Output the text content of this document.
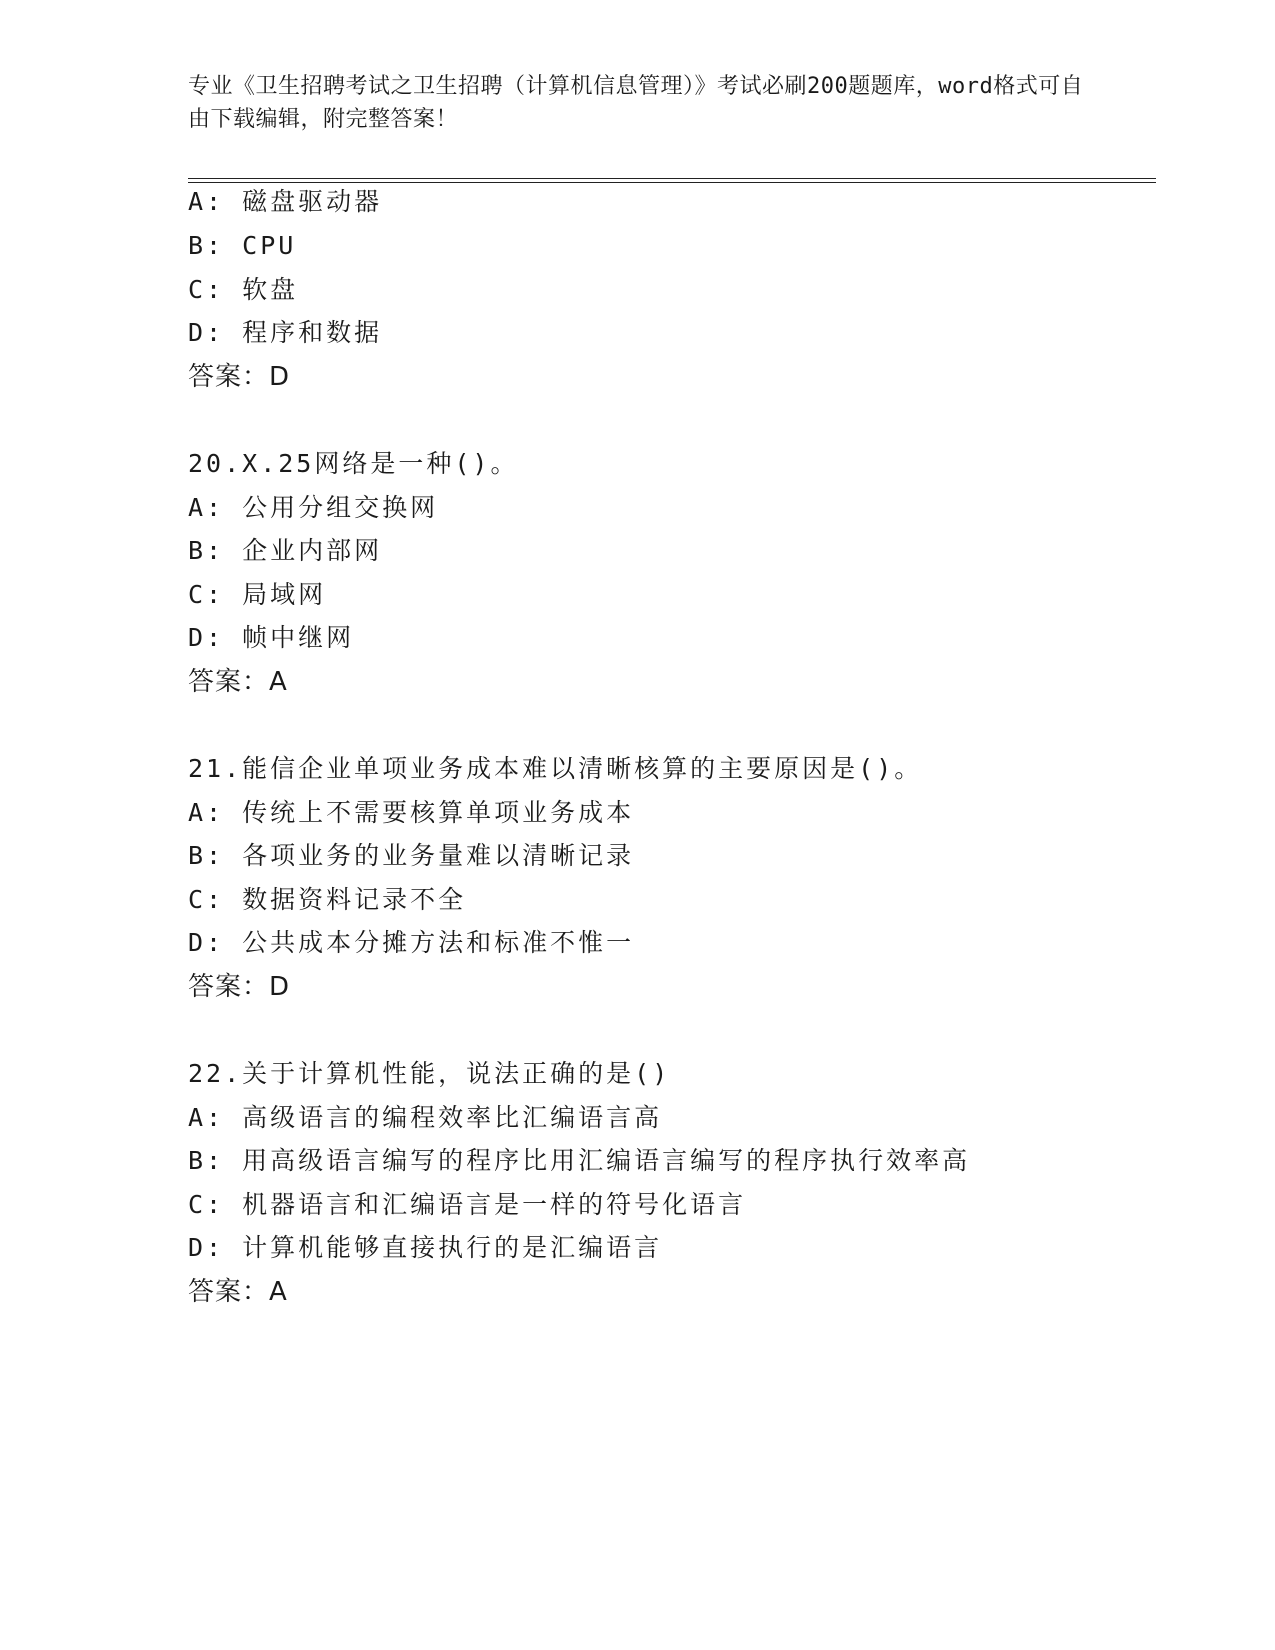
专业《卫生招聘考试之卫生招聘（计算机信息管理）》考试必刷200题题库，word格式可自由下载编辑，附完整答案！
A: 磁盘驱动器
B: CPU
C: 软盘
D: 程序和数据
答案：D
20.X.25网络是一种()。
A: 公用分组交换网
B: 企业内部网
C: 局域网
D: 帧中继网
答案：A
21.能信企业单项业务成本难以清晰核算的主要原因是()。
A: 传统上不需要核算单项业务成本
B: 各项业务的业务量难以清晰记录
C: 数据资料记录不全
D: 公共成本分摊方法和标准不惟一
答案：D
22.关于计算机性能，说法正确的是()
A: 高级语言的编程效率比汇编语言高
B: 用高级语言编写的程序比用汇编语言编写的程序执行效率高
C: 机器语言和汇编语言是一样的符号化语言
D: 计算机能够直接执行的是汇编语言
答案：A
